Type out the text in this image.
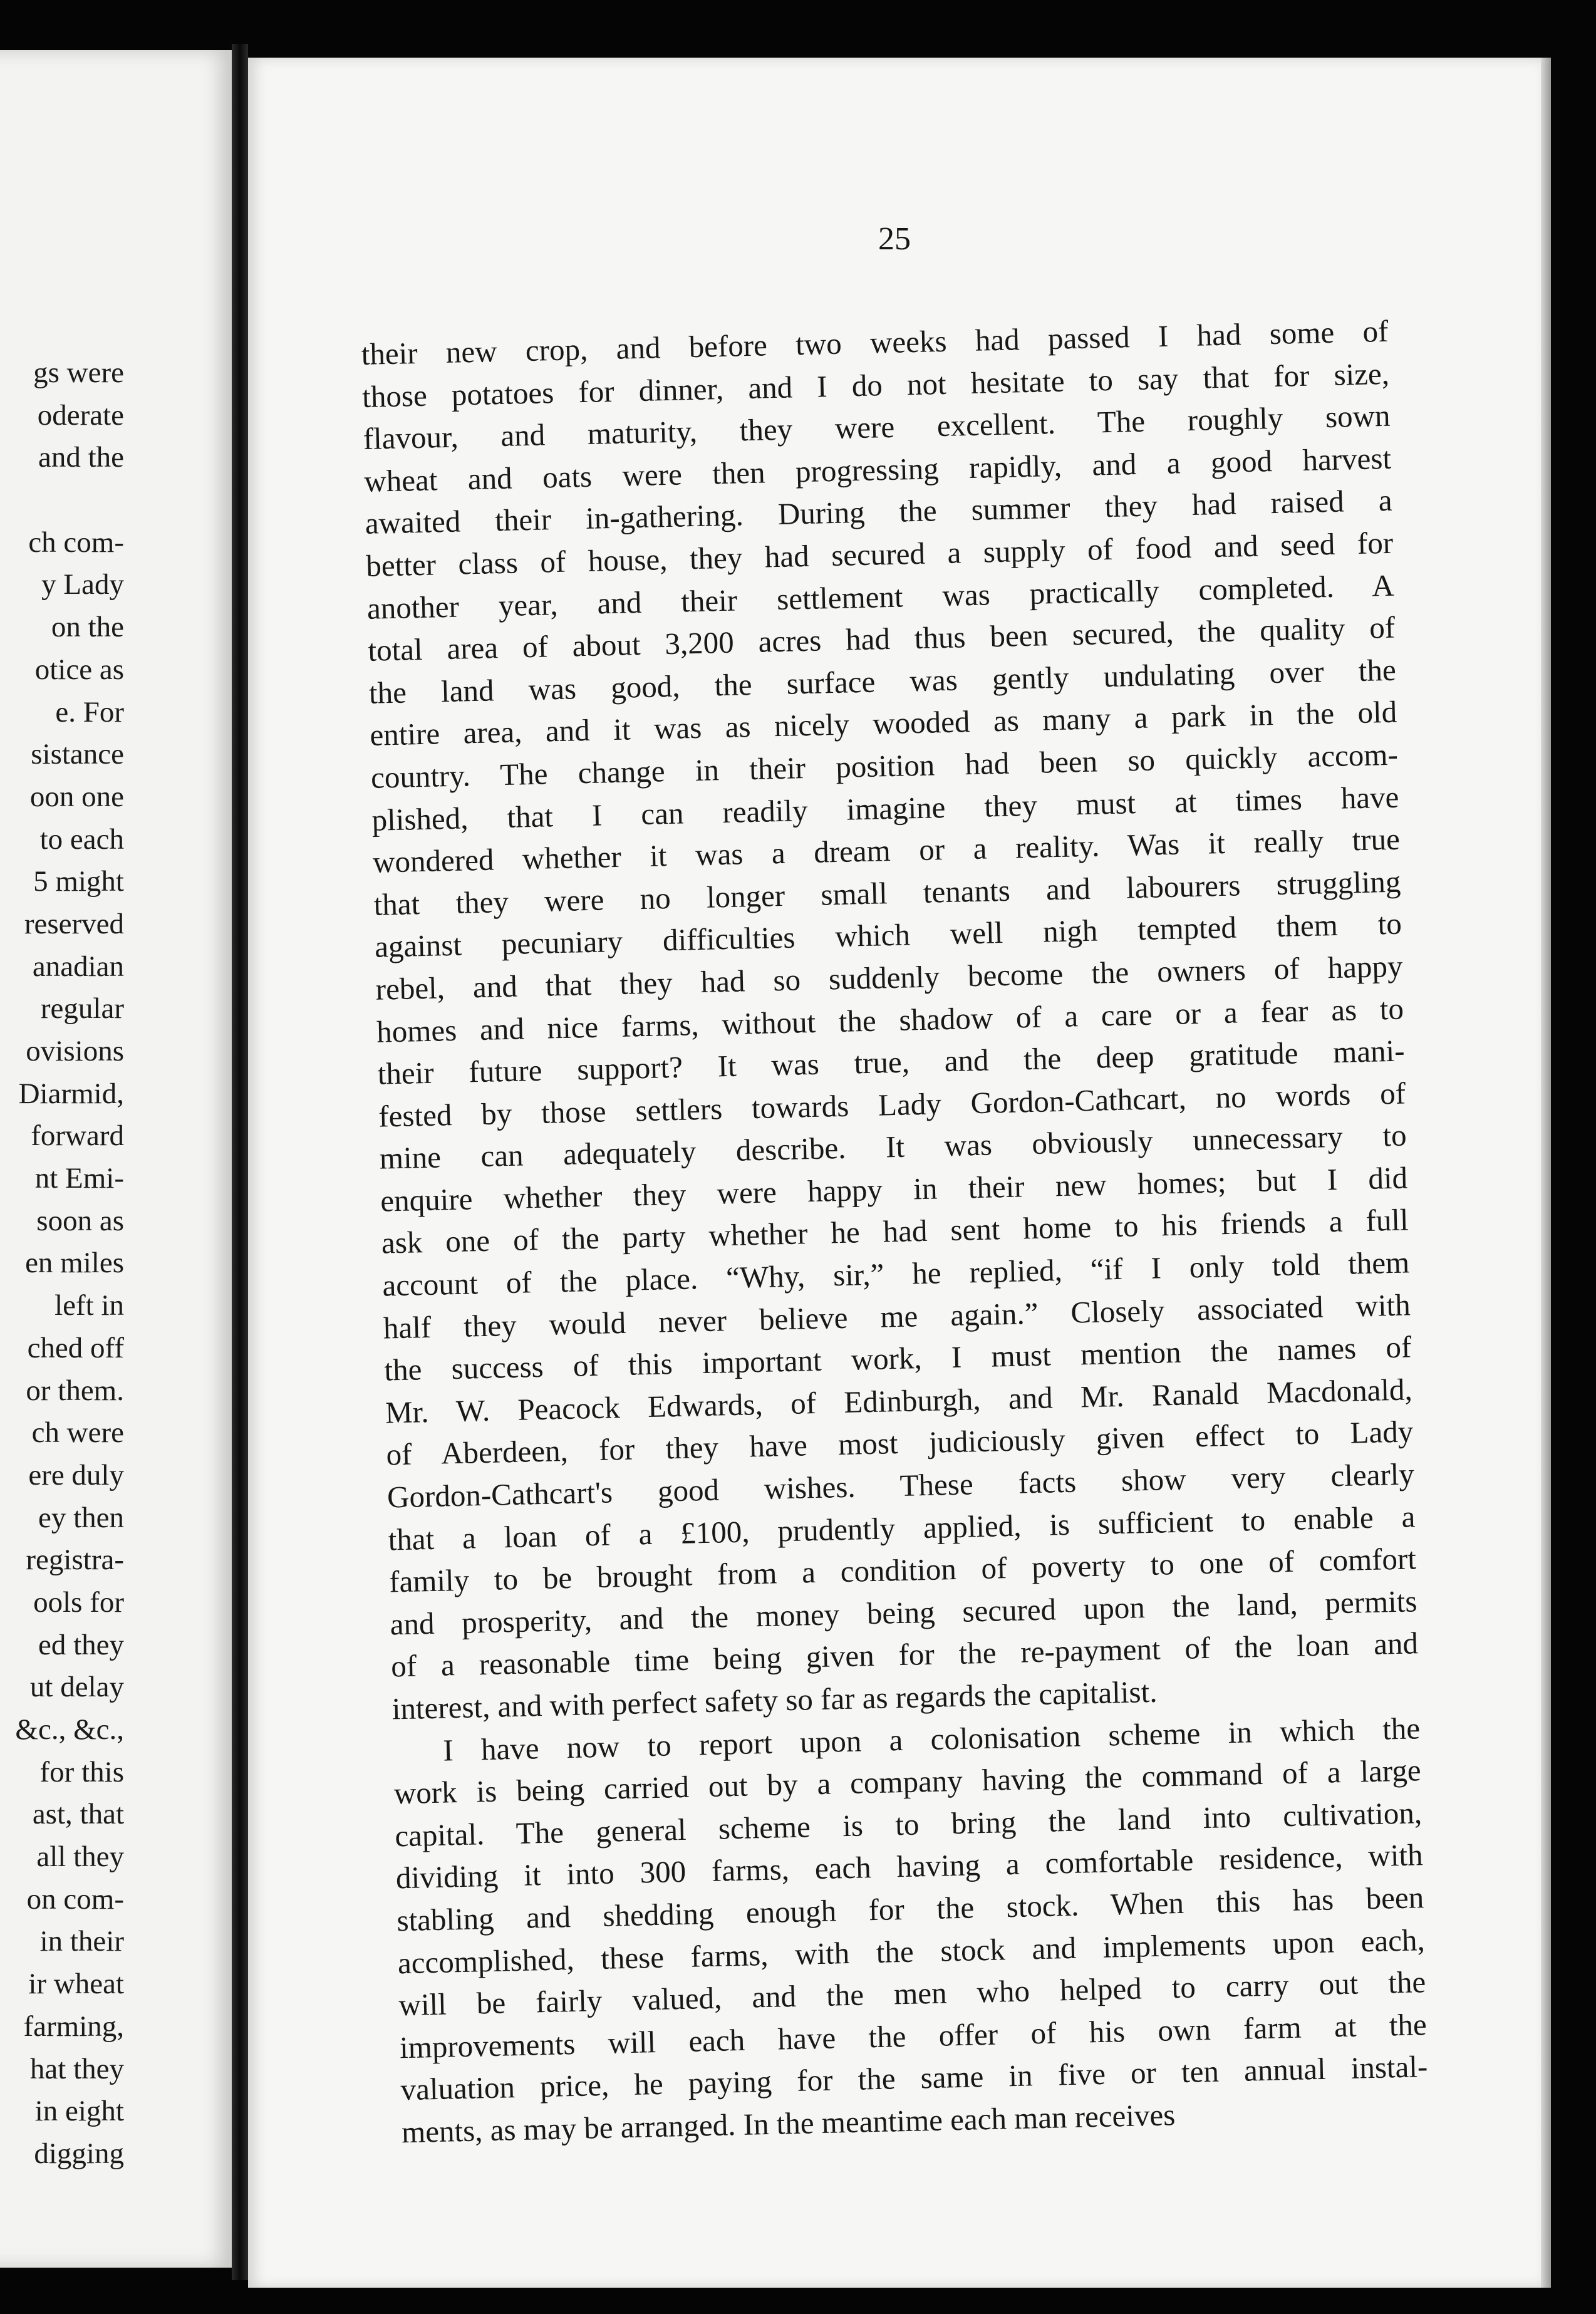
gs were
oderate
and the
ch com-
y Lady
on the
otice as
e. For
sistance
oon one
to each
5 might
reserved
anadian
regular
ovisions
Diarmid,
forward
nt Emi-
soon as
en miles
left in
ched off
or them.
ch were
ere duly
ey then
registra-
ools for
ed they
ut delay
&c., &c.,
for this
ast, that
all they
on com-
in their
ir wheat
farming,
hat they
in eight
digging
25
their new crop, and before two weeks had passed I had some of
those potatoes for dinner, and I do not hesitate to say that for size,
flavour, and maturity, they were excellent. The roughly sown
wheat and oats were then progressing rapidly, and a good harvest
awaited their in-gathering. During the summer they had raised a
better class of house, they had secured a supply of food and seed for
another year, and their settlement was practically completed. A
total area of about 3,200 acres had thus been secured, the quality of
the land was good, the surface was gently undulating over the
entire area, and it was as nicely wooded as many a park in the old
country. The change in their position had been so quickly accom-
plished, that I can readily imagine they must at times have
wondered whether it was a dream or a reality. Was it really true
that they were no longer small tenants and labourers struggling
against pecuniary difficulties which well nigh tempted them to
rebel, and that they had so suddenly become the owners of happy
homes and nice farms, without the shadow of a care or a fear as to
their future support? It was true, and the deep gratitude mani-
fested by those settlers towards Lady Gordon-Cathcart, no words of
mine can adequately describe. It was obviously unnecessary to
enquire whether they were happy in their new homes; but I did
ask one of the party whether he had sent home to his friends a full
account of the place. “Why, sir,” he replied, “if I only told them
half they would never believe me again.” Closely associated with
the success of this important work, I must mention the names of
Mr. W. Peacock Edwards, of Edinburgh, and Mr. Ranald Macdonald,
of Aberdeen, for they have most judiciously given effect to Lady
Gordon-Cathcart's good wishes. These facts show very clearly
that a loan of a £100, prudently applied, is sufficient to enable a
family to be brought from a condition of poverty to one of comfort
and prosperity, and the money being secured upon the land, permits
of a reasonable time being given for the re-payment of the loan and
interest, and with perfect safety so far as regards the capitalist.
I have now to report upon a colonisation scheme in which the
work is being carried out by a company having the command of a large
capital. The general scheme is to bring the land into cultivation,
dividing it into 300 farms, each having a comfortable residence, with
stabling and shedding enough for the stock. When this has been
accomplished, these farms, with the stock and implements upon each,
will be fairly valued, and the men who helped to carry out the
improvements will each have the offer of his own farm at the
valuation price, he paying for the same in five or ten annual instal-
ments, as may be arranged. In the meantime each man receives
